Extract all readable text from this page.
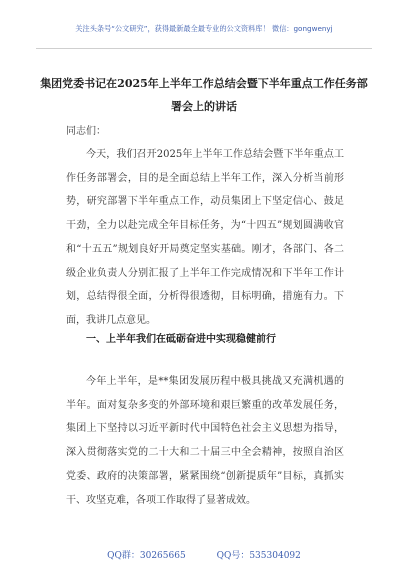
关注头条号“公文研究”，获得最新最全最专业的公文资料库！ 微信：gongwenyj
集团党委书记在2025年上半年工作总结会暨下半年重点工作任务部署会上的讲话
同志们：
今天，我们召开2025年上半年工作总结会暨下半年重点工作任务部署会，目的是全面总结上半年工作，深入分析当前形势，研究部署下半年重点工作，动员集团上下坚定信心、鼓足干劲，全力以赴完成全年目标任务，为“十四五”规划圆满收官和“十五五”规划良好开局奠定坚实基础。刚才，各部门、各二级企业负责人分别汇报了上半年工作完成情况和下半年工作计划，总结得很全面，分析得很透彻，目标明确，措施有力。下面，我讲几点意见。
一、上半年我们在砥砺奋进中实现稳健前行
今年上半年，是**集团发展历程中极具挑战又充满机遇的半年。面对复杂多变的外部环境和艰巨繁重的改革发展任务，集团上下坚持以习近平新时代中国特色社会主义思想为指导，深入贯彻落实党的二十大和二十届三中全会精神，按照自治区党委、政府的决策部署，紧紧围绕“创新提质年”目标，真抓实干、攻坚克难，各项工作取得了显著成效。
QQ群：30265665	QQ号：535304092
